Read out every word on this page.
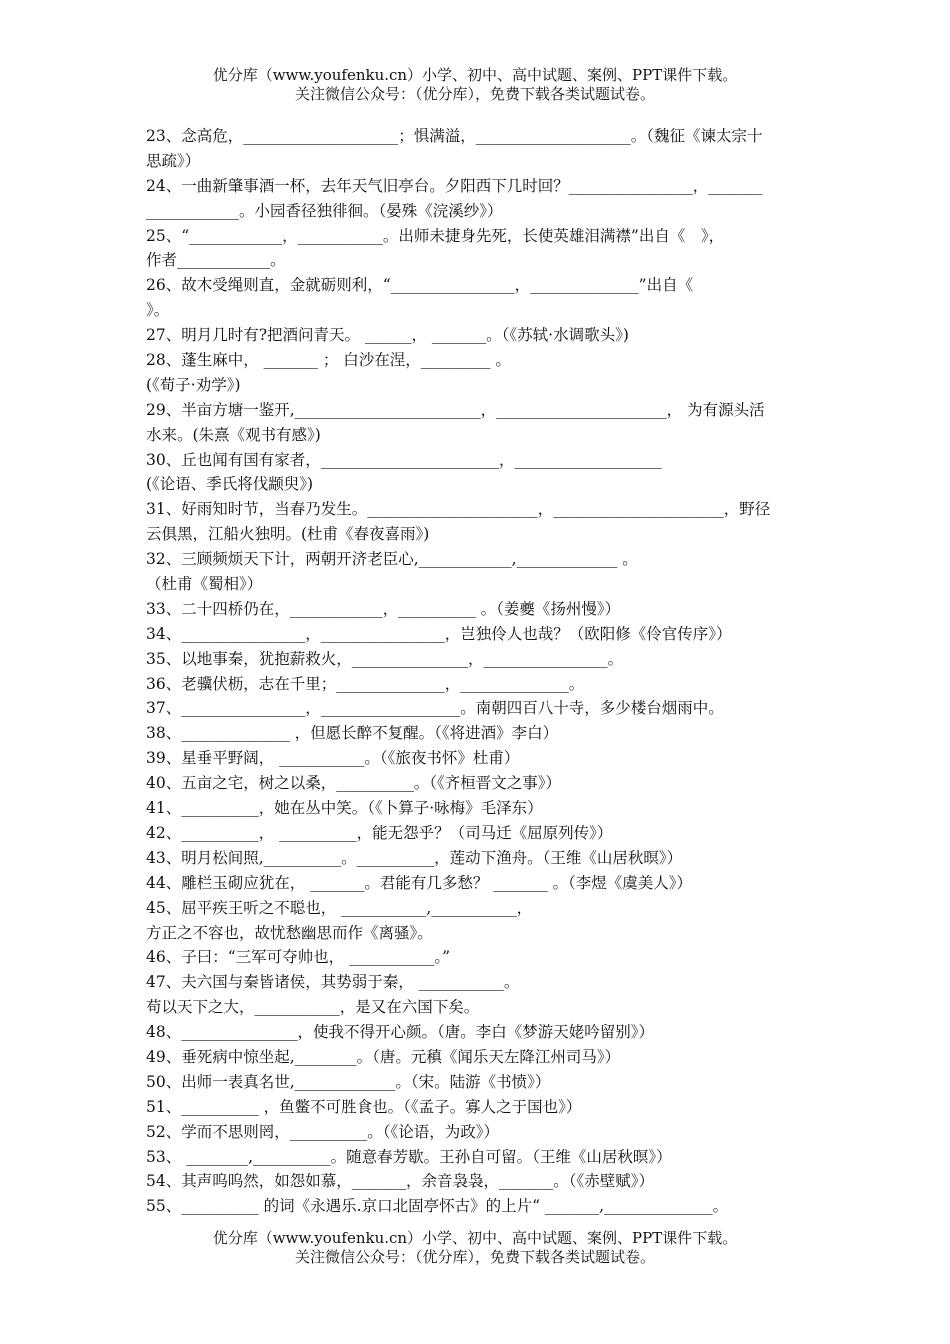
优分库（www.youfenku.cn）小学、初中、高中试题、案例、PPT课件下载。
关注微信公众号：（优分库），免费下载各类试题试卷。
23、念高危，____________________；惧满溢，____________________。（魏征《谏太宗十
思疏》）
24、一曲新肇事酒一杯，去年天气旧亭台。夕阳西下几时回？________________，_______
____________。小园香径独徘徊。（晏殊《浣溪纱》）
25、“____________，___________。出师未捷身先死，长使英雄泪满襟”出自《　》，
作者____________。
26、故木受绳则直，金就砺则利，“________________，______________”出自《
》。
27、明月几时有?把酒问青天。 ______， _______。（《苏轼·水调歌头》)
28、蓬生麻中， _______ ； 白沙在涅，_________ 。
(《荀子·劝学》)
29、半亩方塘一鉴开,________________________，______________________， 为有源头活
水来。(朱熹《观书有感》)
30、丘也闻有国有家者，_______________________，___________________
(《论语、季氏将伐颛臾》)
31、好雨知时节，当春乃发生。______________________，______________________，野径
云俱黑，江船火独明。(杜甫《春夜喜雨》)
32、三顾频烦天下计，两朝开济老臣心,____________,_____________ 。
（杜甫《蜀相》）
33、二十四桥仍在，____________，__________ 。（姜夔《扬州慢》）
34、________________，________________，岂独伶人也哉？（欧阳修《伶官传序》）
35、以地事秦，犹抱薪救火，_______________，________________。
36、老骥伏枥，志在千里；______________，______________。
37、________________，__________________。南朝四百八十寺，多少楼台烟雨中。
38、______________ ，但愿长醉不复醒。（《将进酒》李白）
39、星垂平野阔， ___________。（《旅夜书怀》杜甫）
40、五亩之宅，树之以桑，__________。（《齐桓晋文之事》）
41、__________，她在丛中笑。（《卜算子·咏梅》毛泽东）
42、__________， __________，能无怨乎？（司马迁《屈原列传》）
43、明月松间照,__________。__________，莲动下渔舟。（王维《山居秋暝》）
44、雕栏玉砌应犹在， _______。君能有几多愁？ _______ 。（李煜《虞美人》）
45、屈平疾王听之不聪也， ___________,___________，
方正之不容也，故忧愁幽思而作《离骚》。
46、子曰：“三军可夺帅也， ___________。”
47、夫六国与秦皆诸侯，其势弱于秦， ___________。
苟以天下之大，___________，是又在六国下矣。
48、_______________，使我不得开心颜。（唐。李白《梦游天姥吟留别》）
49、垂死病中惊坐起,________。（唐。元稹《闻乐天左降江州司马》）
50、出师一表真名世,_____________。（宋。陆游《书愤》）
51、__________ ，鱼鳖不可胜食也。（《孟子。寡人之于国也》）
52、学而不思则罔，__________。（《论语，为政》）
53、 ________,__________。随意春芳歇。王孙自可留。（王维《山居秋暝》）
54、其声呜呜然，如怨如慕，_______，余音袅袅，_______。（《赤壁赋》）
55、__________ 的词《永遇乐.京口北固亭怀古》的上片“ _______,______________。
优分库（www.youfenku.cn）小学、初中、高中试题、案例、PPT课件下载。
关注微信公众号：（优分库），免费下载各类试题试卷。
